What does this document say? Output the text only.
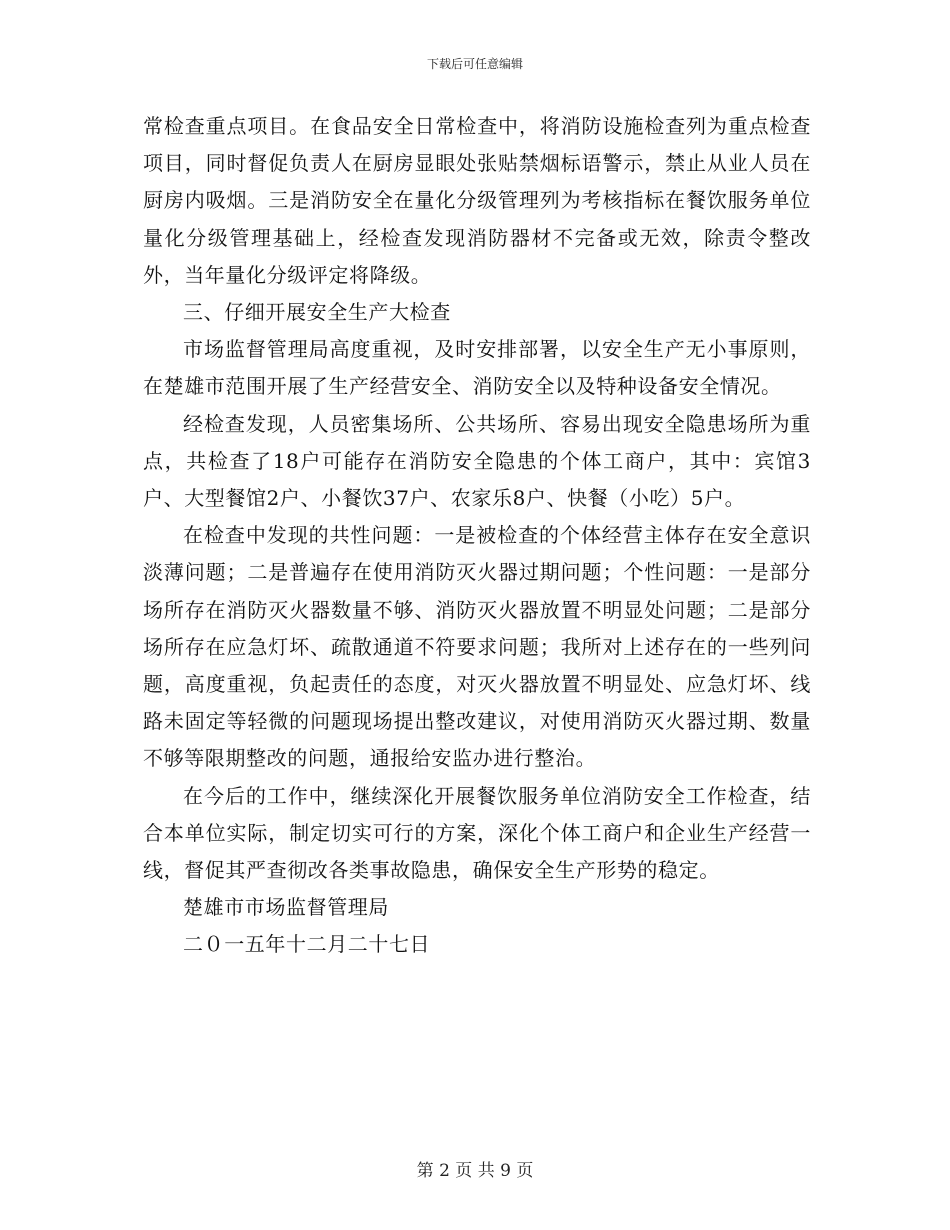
下载后可任意编辑

常检查重点项目。在食品安全日常检查中，将消防设施检查列为重点检查项目，同时督促负责人在厨房显眼处张贴禁烟标语警示，禁止从业人员在厨房内吸烟。三是消防安全在量化分级管理列为考核指标在餐饮服务单位量化分级管理基础上，经检查发现消防器材不完备或无效，除责令整改外，当年量化分级评定将降级。

三、仔细开展安全生产大检查

市场监督管理局高度重视，及时安排部署，以安全生产无小事原则，在楚雄市范围开展了生产经营安全、消防安全以及特种设备安全情况。

经检查发现，人员密集场所、公共场所、容易出现安全隐患场所为重点，共检查了18户可能存在消防安全隐患的个体工商户，其中：宾馆3户、大型餐馆2户、小餐饮37户、农家乐8户、快餐（小吃）5户。

在检查中发现的共性问题：一是被检查的个体经营主体存在安全意识淡薄问题；二是普遍存在使用消防灭火器过期问题；个性问题：一是部分场所存在消防灭火器数量不够、消防灭火器放置不明显处问题；二是部分场所存在应急灯坏、疏散通道不符要求问题；我所对上述存在的一些列问题，高度重视，负起责任的态度，对灭火器放置不明显处、应急灯坏、线路未固定等轻微的问题现场提出整改建议，对使用消防灭火器过期、数量不够等限期整改的问题，通报给安监办进行整治。

在今后的工作中，继续深化开展餐饮服务单位消防安全工作检查，结合本单位实际，制定切实可行的方案，深化个体工商户和企业生产经营一线，督促其严查彻改各类事故隐患，确保安全生产形势的稳定。

楚雄市市场监督管理局

二０一五年十二月二十七日

第 2 页 共 9 页
